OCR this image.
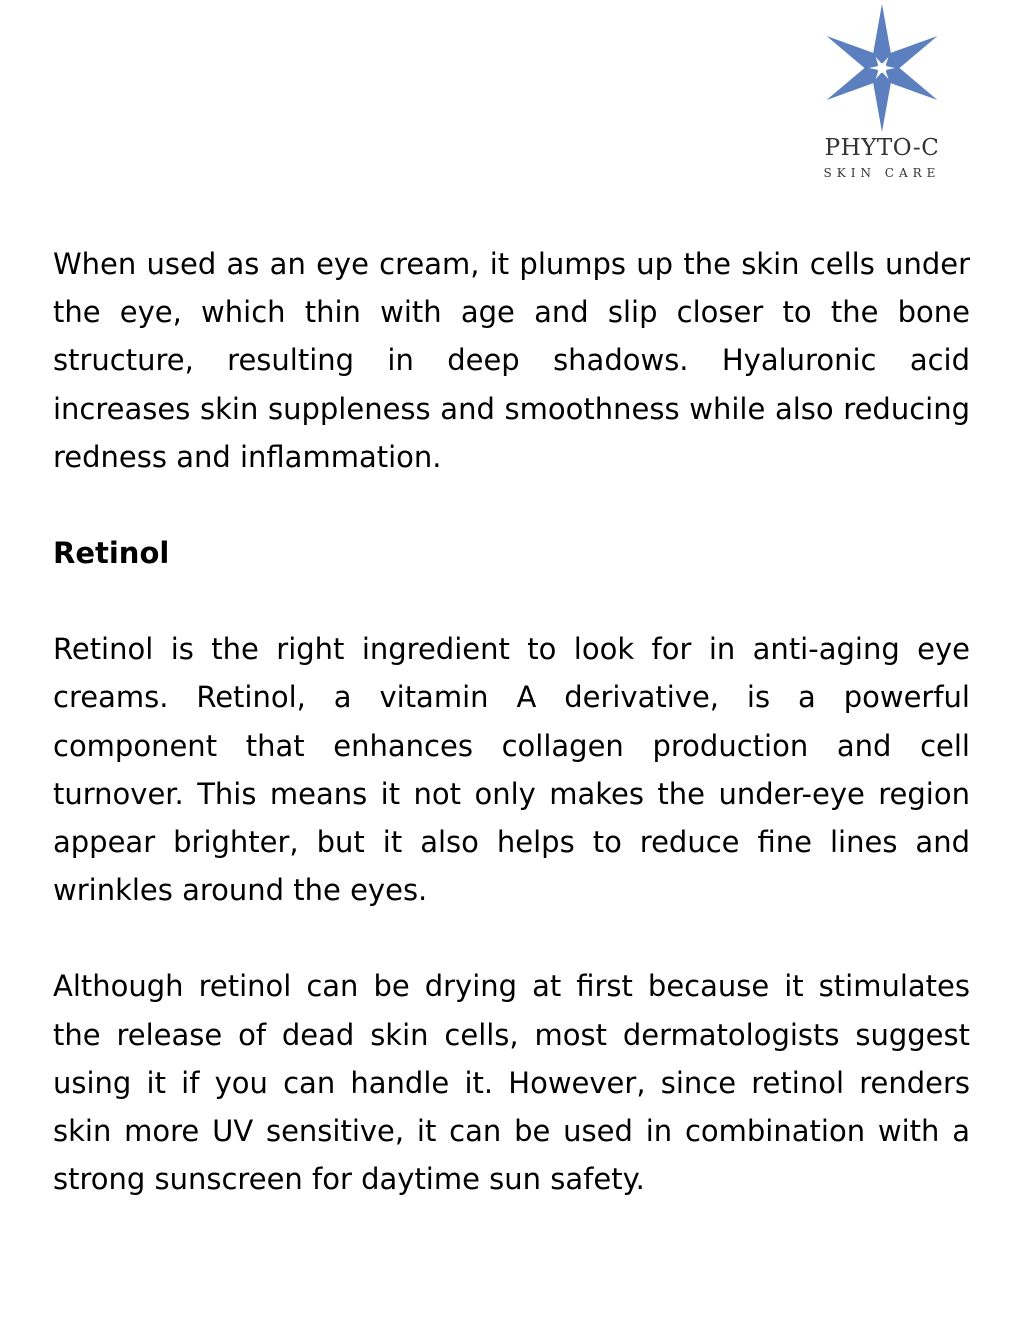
PHYTO-C
SKIN CARE

When used as an eye cream, it plumps up the skin cells under the eye, which thin with age and slip closer to the bone structure, resulting in deep shadows. Hyaluronic acid increases skin suppleness and smoothness while also reducing redness and inflammation.

Retinol

Retinol is the right ingredient to look for in anti-aging eye creams. Retinol, a vitamin A derivative, is a powerful component that enhances collagen production and cell turnover. This means it not only makes the under-eye region appear brighter, but it also helps to reduce fine lines and wrinkles around the eyes.

Although retinol can be drying at first because it stimulates the release of dead skin cells, most dermatologists suggest using it if you can handle it. However, since retinol renders skin more UV sensitive, it can be used in combination with a strong sunscreen for daytime sun safety.
